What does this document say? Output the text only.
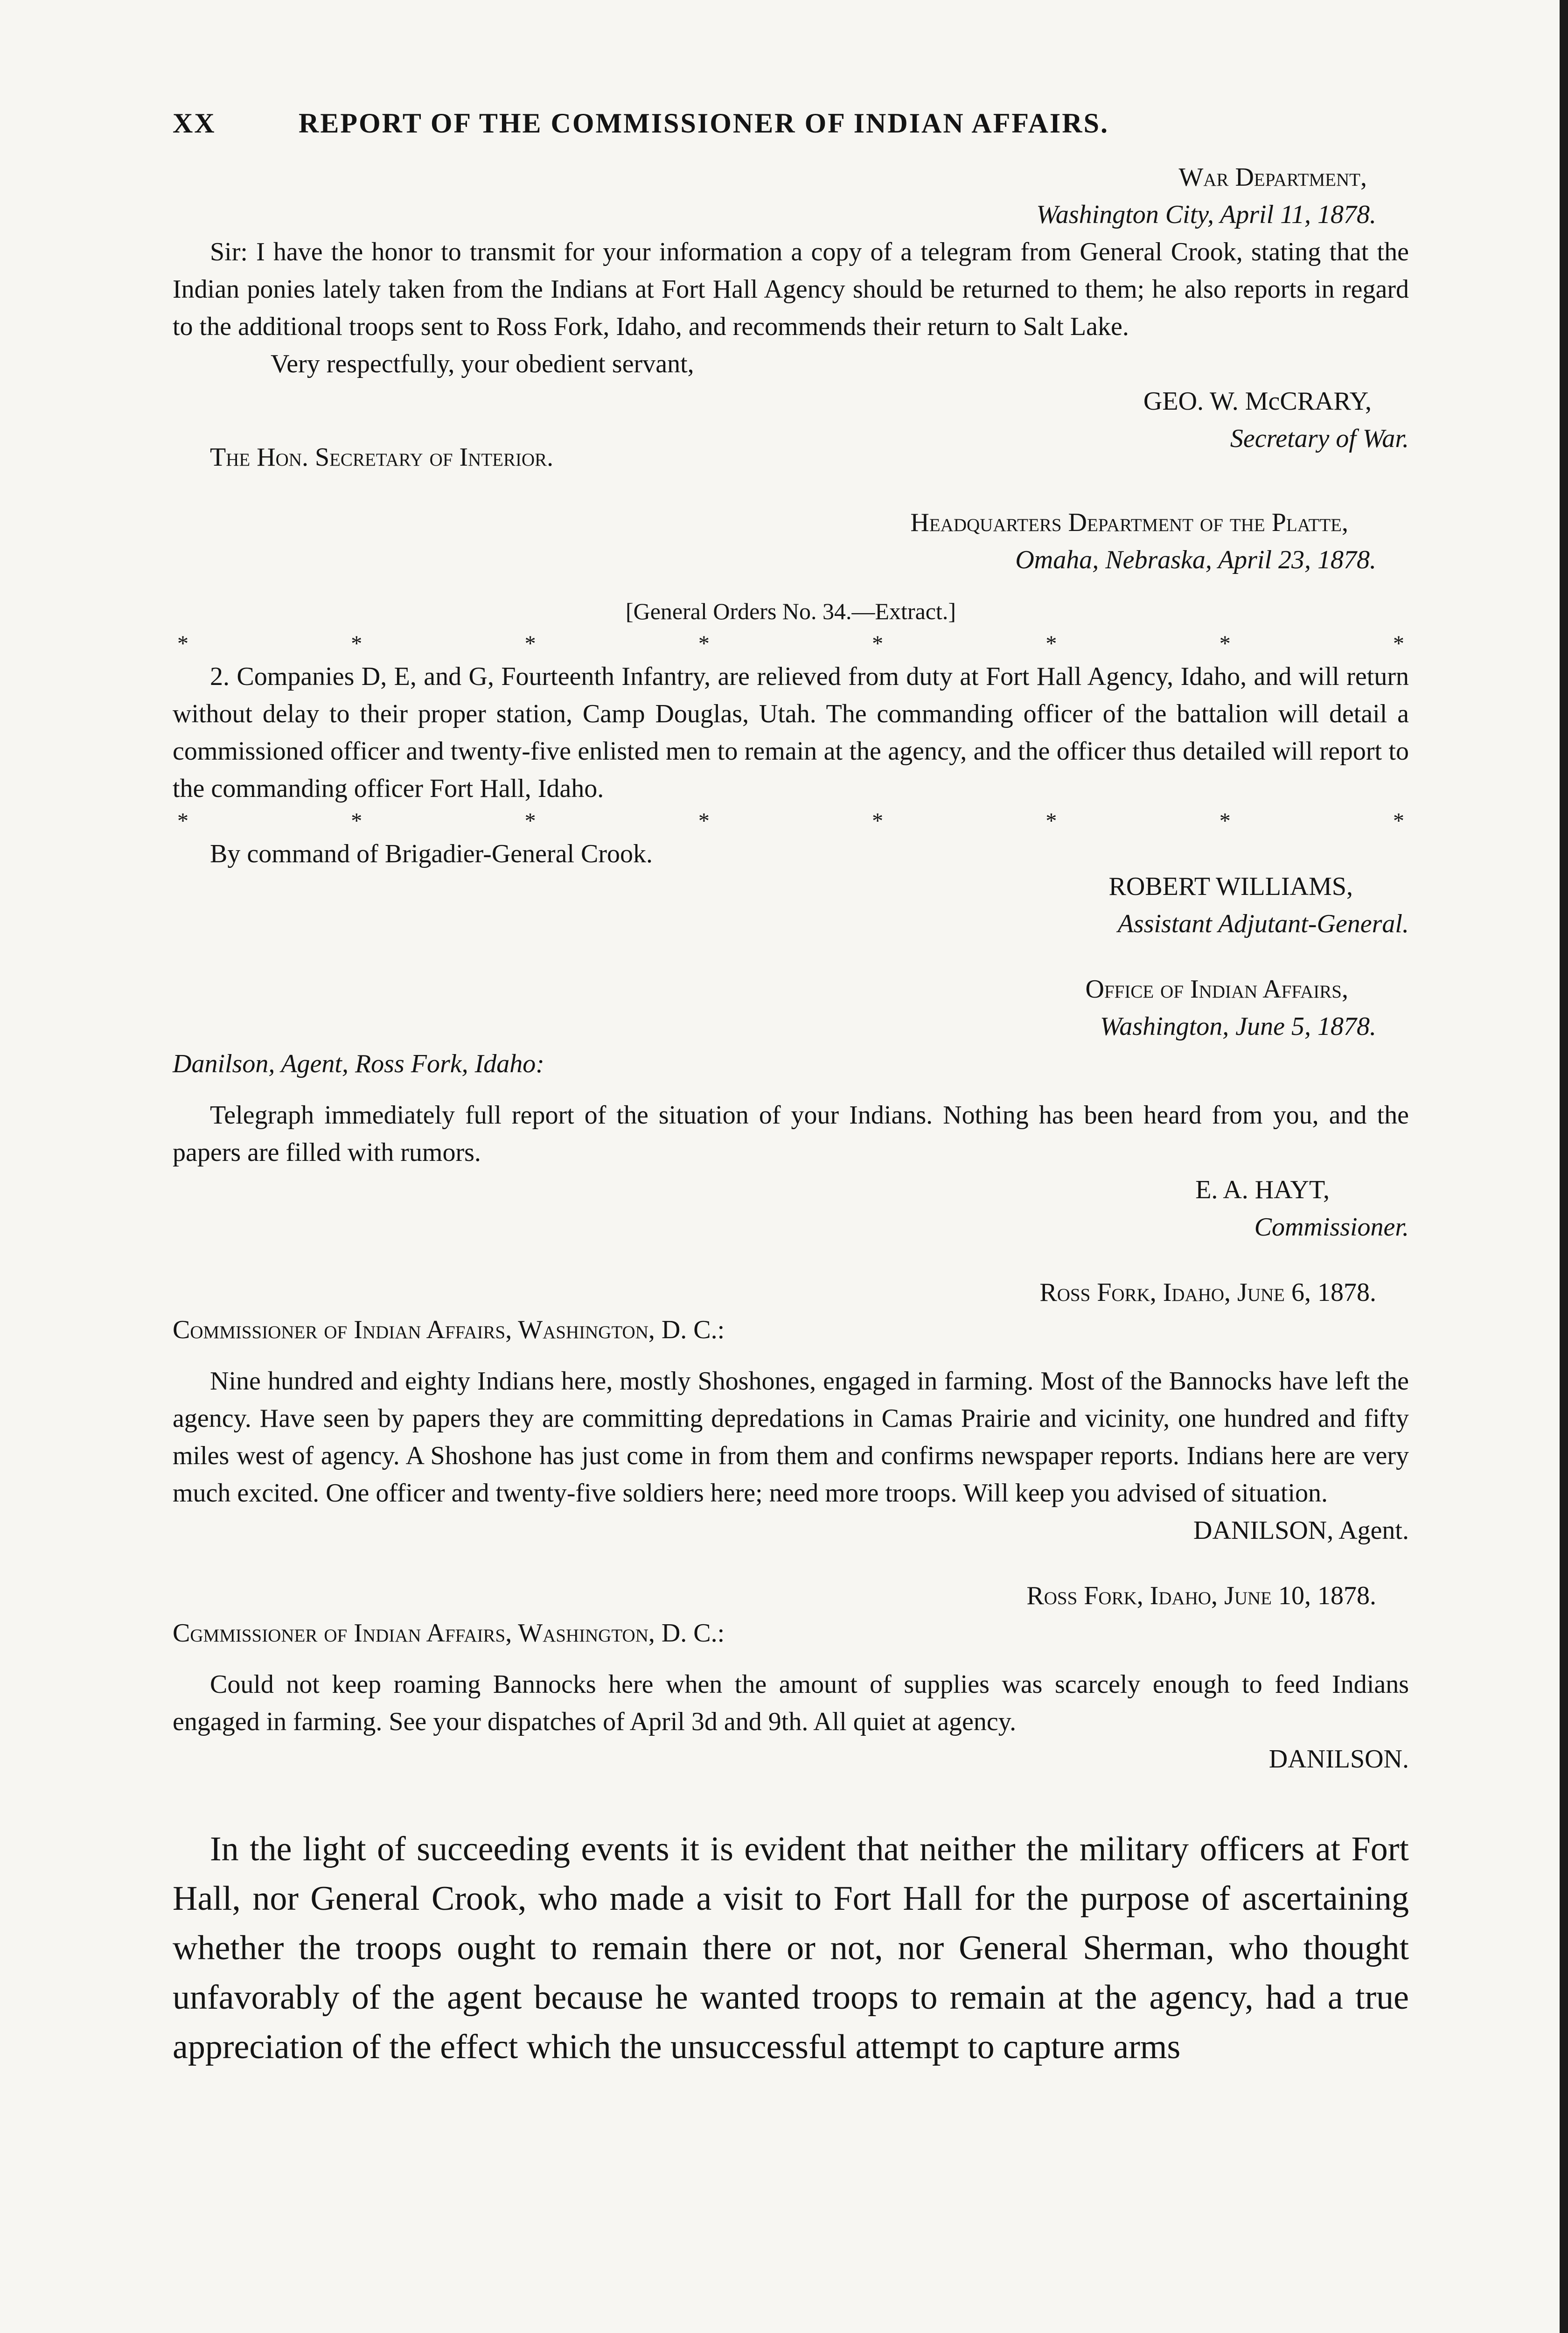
XX	REPORT OF THE COMMISSIONER OF INDIAN AFFAIRS.
War Department,
Washington City, April 11, 1878.

Sir: I have the honor to transmit for your information a copy of a telegram from General Crook, stating that the Indian ponies lately taken from the Indians at Fort Hall Agency should be returned to them; he also reports in regard to the additional troops sent to Ross Fork, Idaho, and recommends their return to Salt Lake.

Very respectfully, your obedient servant,
GEO. W. McCRARY,
Secretary of War.
The Hon. Secretary of Interior.
Headquarters Department of the Platte,
Omaha, Nebraska, April 23, 1878.
[General Orders No. 34.—Extract.]
*	*	*	*	*	*	*	*

2. Companies D, E, and G, Fourteenth Infantry, are relieved from duty at Fort Hall Agency, Idaho, and will return without delay to their proper station, Camp Douglas, Utah. The commanding officer of the battalion will detail a commissioned officer and twenty-five enlisted men to remain at the agency, and the officer thus detailed will report to the commanding officer Fort Hall, Idaho.

*	*	*	*	*	*	*	*
By command of Brigadier-General Crook.
ROBERT WILLIAMS,
Assistant Adjutant-General.
Office of Indian Affairs,
Washington, June 5, 1878.
Danilson, Agent, Ross Fork, Idaho:

Telegraph immediately full report of the situation of your Indians. Nothing has been heard from you, and the papers are filled with rumors.

E. A. HAYT,
Commissioner.
Ross Fork, Idaho, June 6, 1878.
Commissioner of Indian Affairs, Washington, D. C.:

Nine hundred and eighty Indians here, mostly Shoshones, engaged in farming. Most of the Bannocks have left the agency. Have seen by papers they are committing depredations in Camas Prairie and vicinity, one hundred and fifty miles west of agency. A Shoshone has just come in from them and confirms newspaper reports. Indians here are very much excited. One officer and twenty-five soldiers here; need more troops. Will keep you advised of situation.

DANILSON, Agent.
Ross Fork, Idaho, June 10, 1878.
Cgmmissioner of Indian Affairs, Washington, D. C.:

Could not keep roaming Bannocks here when the amount of supplies was scarcely enough to feed Indians engaged in farming. See your dispatches of April 3d and 9th. All quiet at agency.

DANILSON.

In the light of succeeding events it is evident that neither the military officers at Fort Hall, nor General Crook, who made a visit to Fort Hall for the purpose of ascertaining whether the troops ought to remain there or not, nor General Sherman, who thought unfavorably of the agent because he wanted troops to remain at the agency, had a true appreciation of the effect which the unsuccessful attempt to capture arms
